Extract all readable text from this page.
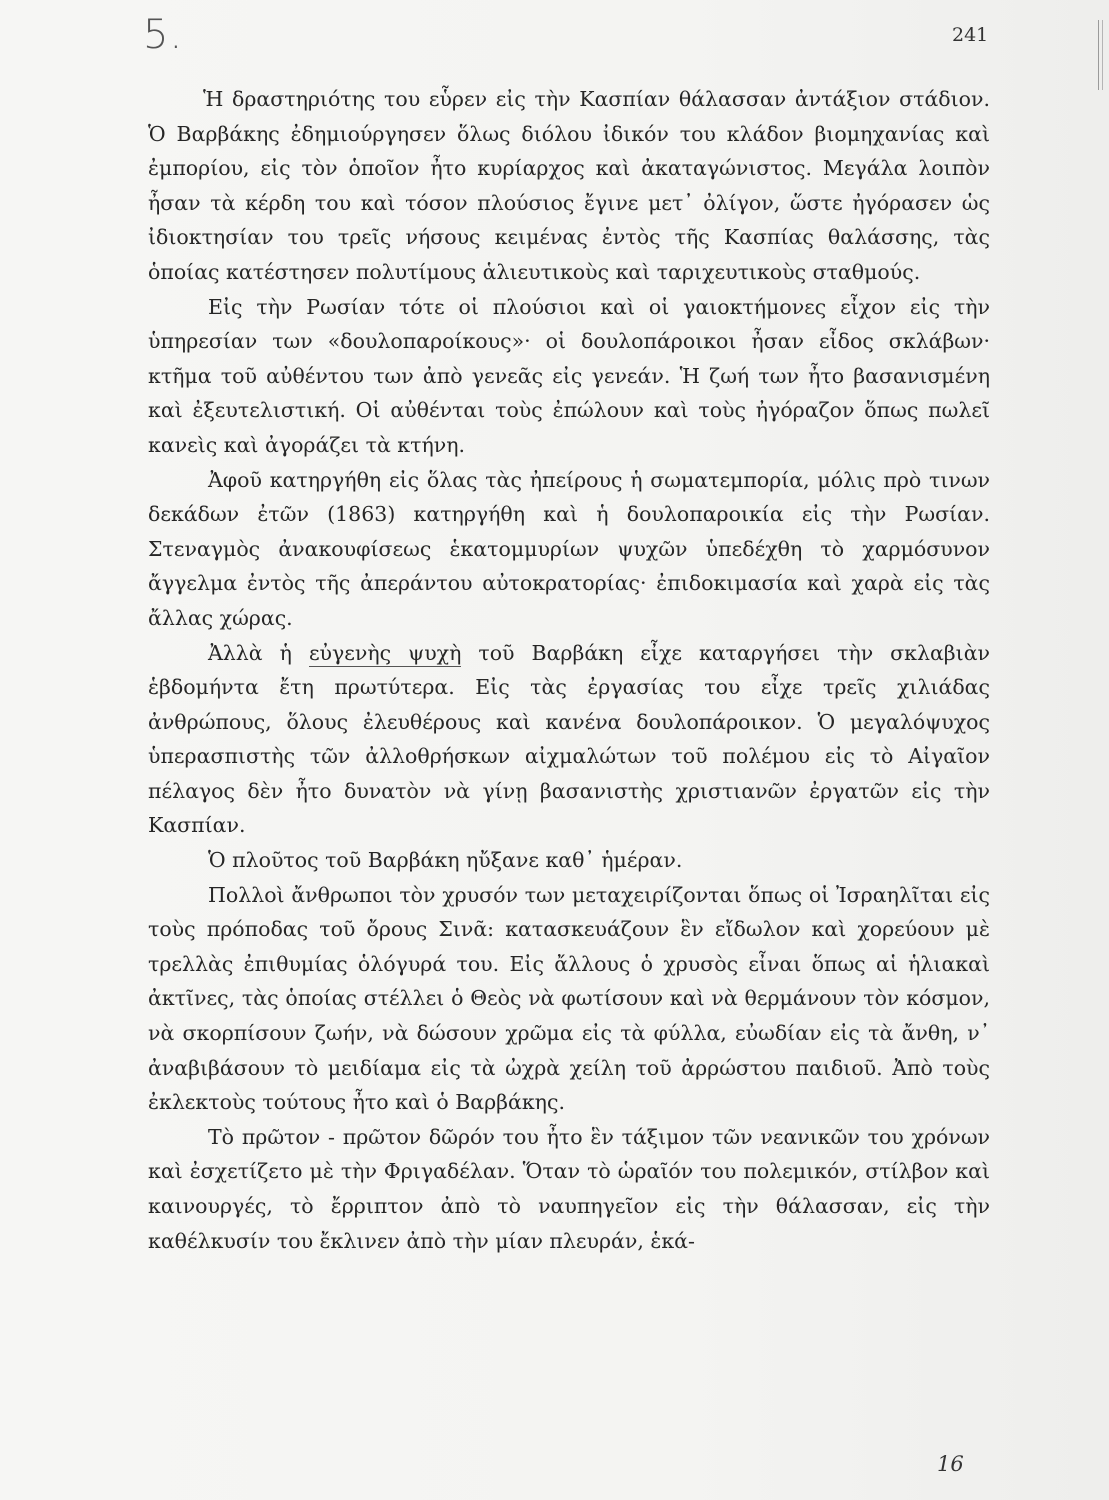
5.	241

Ἡ δραστηριότης του εὗρεν εἰς τὴν Κασπίαν θάλασσαν ἀντάξιον στάδιον. Ὁ Βαρβάκης ἐδημιούργησεν ὅλως διόλου ἰδικόν του κλάδον βιομηχανίας καὶ ἐμπορίου, εἰς τὸν ὁποῖον ἦτο κυρίαρχος καὶ ἀκαταγώνιστος. Μεγάλα λοιπὸν ἦσαν τὰ κέρδη του καὶ τόσον πλούσιος ἔγινε μετ᾽ ὀλίγον, ὥστε ἠγόρασεν ὡς ἰδιοκτησίαν του τρεῖς νήσους κειμένας ἐντὸς τῆς Κασπίας θαλάσσης, τὰς ὁποίας κατέστησεν πολυτίμους ἁλιευτικοὺς καὶ ταριχευτικοὺς σταθμούς.

Εἰς τὴν Ρωσίαν τότε οἱ πλούσιοι καὶ οἱ γαιοκτήμονες εἶχον εἰς τὴν ὑπηρεσίαν των «δουλοπαροίκους»· οἱ δουλοπάροικοι ἦσαν εἶδος σκλάβων· κτῆμα τοῦ αὐθέντου των ἀπὸ γενεᾶς εἰς γενεάν. Ἡ ζωή των ἦτο βασανισμένη καὶ ἐξευτελιστική. Οἱ αὐθένται τοὺς ἐπώλουν καὶ τοὺς ἠγόραζον ὅπως πωλεῖ κανεὶς καὶ ἀγοράζει τὰ κτήνη.

Ἀφοῦ κατηργήθη εἰς ὅλας τὰς ἠπείρους ἡ σωματεμπορία, μόλις πρὸ τινων δεκάδων ἐτῶν (1863) κατηργήθη καὶ ἡ δουλοπαροικία εἰς τὴν Ρωσίαν. Στεναγμὸς ἀνακουφίσεως ἑκατομμυρίων ψυχῶν ὑπεδέχθη τὸ χαρμόσυνον ἄγγελμα ἐντὸς τῆς ἀπεράντου αὐτοκρατορίας· ἐπιδοκιμασία καὶ χαρὰ εἰς τὰς ἄλλας χώρας.

Ἀλλὰ ἡ εὐγενὴς ψυχὴ τοῦ Βαρβάκη εἶχε καταργήσει τὴν σκλαβιὰν ἑβδομήντα ἔτη πρωτύτερα. Εἰς τὰς ἐργασίας του εἶχε τρεῖς χιλιάδας ἀνθρώπους, ὅλους ἐλευθέρους καὶ κανένα δουλοπάροικον. Ὁ μεγαλόψυχος ὑπερασπιστὴς τῶν ἀλλοθρήσκων αἰχμαλώτων τοῦ πολέμου εἰς τὸ Αἰγαῖον πέλαγος δὲν ἦτο δυνατὸν νὰ γίνῃ βασανιστὴς χριστιανῶν ἐργατῶν εἰς τὴν Κασπίαν.

Ὁ πλοῦτος τοῦ Βαρβάκη ηὔξανε καθ᾽ ἡμέραν.

Πολλοὶ ἄνθρωποι τὸν χρυσόν των μεταχειρίζονται ὅπως οἱ Ἰσραηλῖται εἰς τοὺς πρόποδας τοῦ ὄρους Σινᾶ: κατασκευάζουν ἓν εἴδωλον καὶ χορεύουν μὲ τρελλὰς ἐπιθυμίας ὁλόγυρά του. Εἰς ἄλλους ὁ χρυσὸς εἶναι ὅπως αἱ ἡλιακαὶ ἀκτῖνες, τὰς ὁποίας στέλλει ὁ Θεὸς νὰ φωτίσουν καὶ νὰ θερμάνουν τὸν κόσμον, νὰ σκορπίσουν ζωήν, νὰ δώσουν χρῶμα εἰς τὰ φύλλα, εὐωδίαν εἰς τὰ ἄνθη, ν᾽ ἀναβιβάσουν τὸ μειδίαμα εἰς τὰ ὠχρὰ χείλη τοῦ ἀρρώστου παιδιοῦ. Ἀπὸ τοὺς ἐκλεκτοὺς τούτους ἦτο καὶ ὁ Βαρβάκης.

Τὸ πρῶτον - πρῶτον δῶρόν του ἦτο ἓν τάξιμον τῶν νεανικῶν του χρόνων καὶ ἐσχετίζετο μὲ τὴν Φριγαδέλαν. Ὅταν τὸ ὡραῖόν του πολεμικόν, στίλβον καὶ καινουργές, τὸ ἔρριπτον ἀπὸ τὸ ναυπηγεῖον εἰς τὴν θάλασσαν, εἰς τὴν καθέλκυσίν του ἔκλινεν ἀπὸ τὴν μίαν πλευράν, ἑκά-

16
